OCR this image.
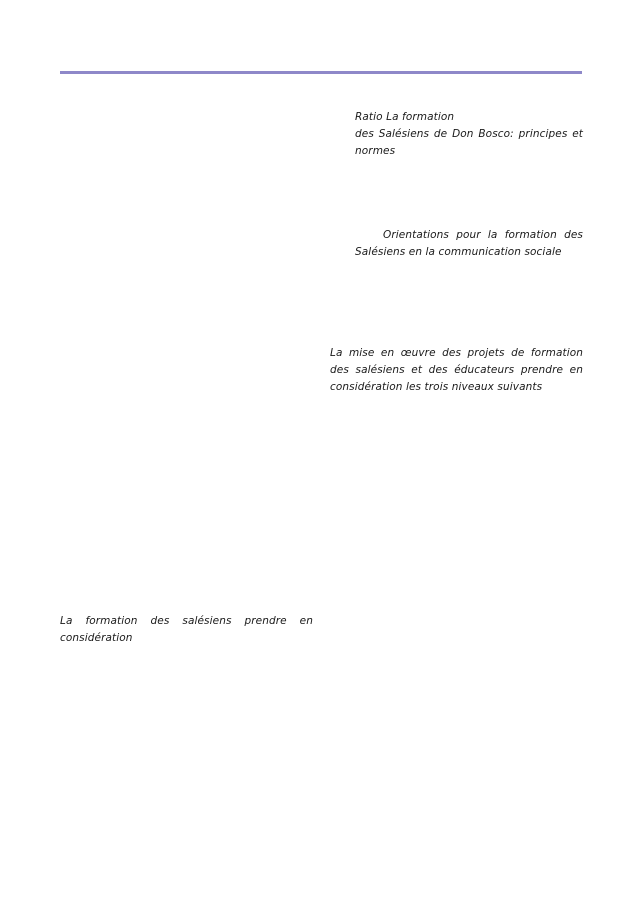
Ratio La formation
des Salésiens de Don Bosco: principes et normes
Orientations pour la formation des Salésiens en la communication sociale
La mise en œuvre des projets de formation des salésiens et des éducateurs prendre en considération les trois niveaux suivants
La formation des salésiens prendre en considération
